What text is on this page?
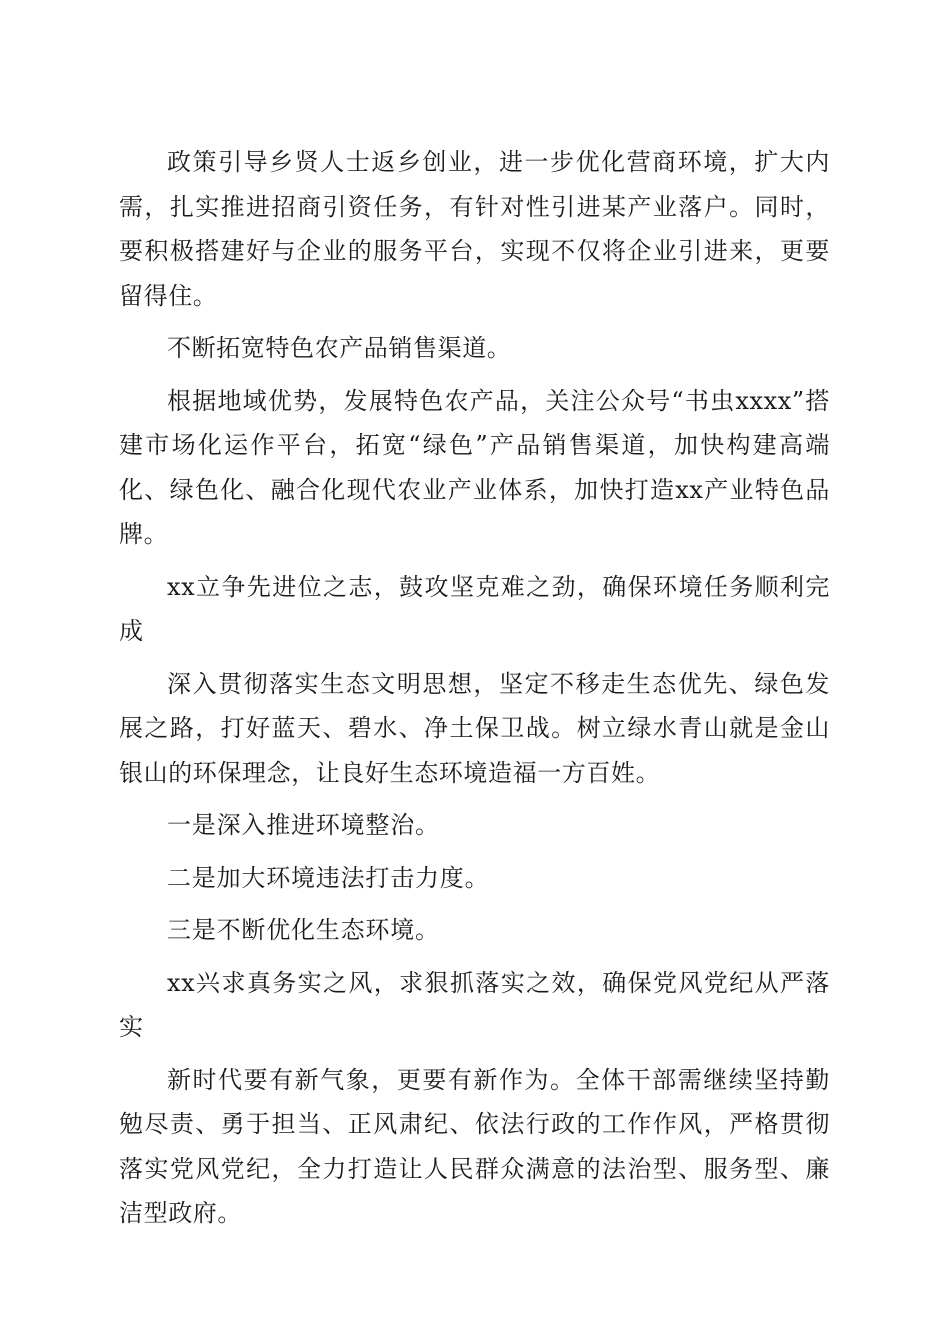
政策引导乡贤人士返乡创业，进一步优化营商环境，扩大内需，扎实推进招商引资任务，有针对性引进某产业落户。同时，要积极搭建好与企业的服务平台，实现不仅将企业引进来，更要留得住。

不断拓宽特色农产品销售渠道。

根据地域优势，发展特色农产品，关注公众号“书虫xxxx”搭建市场化运作平台，拓宽“绿色”产品销售渠道，加快构建高端化、绿色化、融合化现代农业产业体系，加快打造xx产业特色品牌。

xx立争先进位之志，鼓攻坚克难之劲，确保环境任务顺利完成

深入贯彻落实生态文明思想，坚定不移走生态优先、绿色发展之路，打好蓝天、碧水、净土保卫战。树立绿水青山就是金山银山的环保理念，让良好生态环境造福一方百姓。

一是深入推进环境整治。

二是加大环境违法打击力度。

三是不断优化生态环境。

xx兴求真务实之风，求狠抓落实之效，确保党风党纪从严落实

新时代要有新气象，更要有新作为。全体干部需继续坚持勤勉尽责、勇于担当、正风肃纪、依法行政的工作作风，严格贯彻落实党风党纪，全力打造让人民群众满意的法治型、服务型、廉洁型政府。
